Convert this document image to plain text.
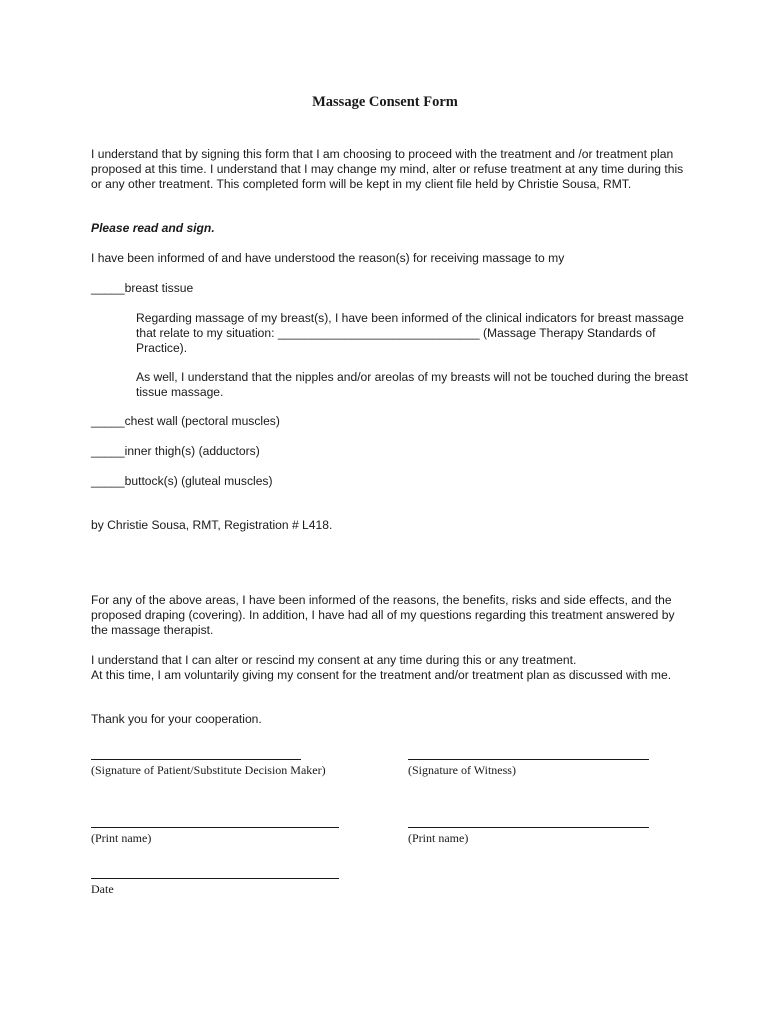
Massage Consent Form

I understand that by signing this form that I am choosing to proceed with the treatment and /or treatment plan proposed at this time. I understand that I may change my mind, alter or refuse treatment at any time during this or any other treatment. This completed form will be kept in my client file held by Christie Sousa, RMT.

Please read and sign.

I have been informed of and have understood the reason(s) for receiving massage to my

_____breast tissue

Regarding massage of my breast(s), I have been informed of the clinical indicators for breast massage that relate to my situation: ______________________________ (Massage Therapy Standards of Practice).

As well, I understand that the nipples and/or areolas of my breasts will not be touched during the breast tissue massage.

_____chest wall (pectoral muscles)

_____inner thigh(s) (adductors)

_____buttock(s) (gluteal muscles)

by Christie Sousa, RMT, Registration # L418.

For any of the above areas, I have been informed of the reasons, the benefits, risks and side effects, and the proposed draping (covering). In addition, I have had all of my questions regarding this treatment answered by the massage therapist.

I understand that I can alter or rescind my consent at any time during this or any treatment.

At this time, I am voluntarily giving my consent for the treatment and/or treatment plan as discussed with me.

Thank you for your cooperation.

(Signature of Patient/Substitute Decision Maker)	(Signature of Witness)
(Print name)	(Print name)
Date
